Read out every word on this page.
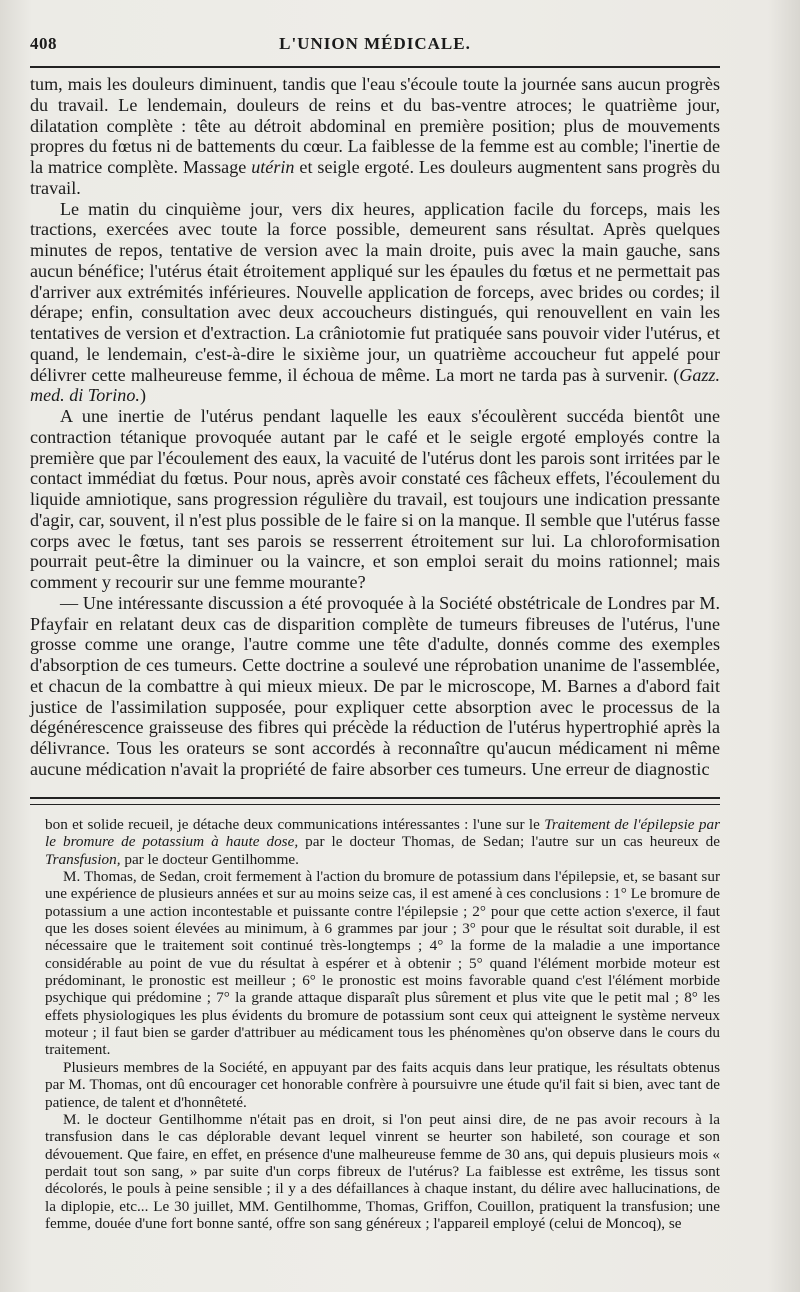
408	L'UNION MÉDICALE.

tum, mais les douleurs diminuent, tandis que l'eau s'écoule toute la journée sans aucun progrès du travail. Le lendemain, douleurs de reins et du bas-ventre atroces; le quatrième jour, dilatation complète : tête au détroit abdominal en première position; plus de mouvements propres du fœtus ni de battements du cœur. La faiblesse de la femme est au comble; l'inertie de la matrice complète. Massage utérin et seigle ergoté. Les douleurs augmentent sans progrès du travail.

Le matin du cinquième jour, vers dix heures, application facile du forceps, mais les tractions, exercées avec toute la force possible, demeurent sans résultat. Après quelques minutes de repos, tentative de version avec la main droite, puis avec la main gauche, sans aucun bénéfice; l'utérus était étroitement appliqué sur les épaules du fœtus et ne permettait pas d'arriver aux extrémités inférieures. Nouvelle application de forceps, avec brides ou cordes; il dérape; enfin, consultation avec deux accoucheurs distingués, qui renouvellent en vain les tentatives de version et d'extraction. La crâniotomie fut pratiquée sans pouvoir vider l'utérus, et quand, le lendemain, c'est-à-dire le sixième jour, un quatrième accoucheur fut appelé pour délivrer cette malheureuse femme, il échoua de même. La mort ne tarda pas à survenir. (Gazz. med. di Torino.)

A une inertie de l'utérus pendant laquelle les eaux s'écoulèrent succéda bientôt une contraction tétanique provoquée autant par le café et le seigle ergoté employés contre la première que par l'écoulement des eaux, la vacuité de l'utérus dont les parois sont irritées par le contact immédiat du fœtus. Pour nous, après avoir constaté ces fâcheux effets, l'écoulement du liquide amniotique, sans progression régulière du travail, est toujours une indication pressante d'agir, car, souvent, il n'est plus possible de le faire si on la manque. Il semble que l'utérus fasse corps avec le fœtus, tant ses parois se resserrent étroitement sur lui. La chloroformisation pourrait peut-être la diminuer ou la vaincre, et son emploi serait du moins rationnel; mais comment y recourir sur une femme mourante?

— Une intéressante discussion a été provoquée à la Société obstétricale de Londres par M. Pfayfair en relatant deux cas de disparition complète de tumeurs fibreuses de l'utérus, l'une grosse comme une orange, l'autre comme une tête d'adulte, donnés comme des exemples d'absorption de ces tumeurs. Cette doctrine a soulevé une réprobation unanime de l'assemblée, et chacun de la combattre à qui mieux mieux. De par le microscope, M. Barnes a d'abord fait justice de l'assimilation supposée, pour expliquer cette absorption avec le processus de la dégénérescence graisseuse des fibres qui précède la réduction de l'utérus hypertrophié après la délivrance. Tous les orateurs se sont accordés à reconnaître qu'aucun médicament ni même aucune médication n'avait la propriété de faire absorber ces tumeurs. Une erreur de diagnostic

bon et solide recueil, je détache deux communications intéressantes : l'une sur le Traitement de l'épilepsie par le bromure de potassium à haute dose, par le docteur Thomas, de Sedan; l'autre sur un cas heureux de Transfusion, par le docteur Gentilhomme.

M. Thomas, de Sedan, croit fermement à l'action du bromure de potassium dans l'épilepsie, et, se basant sur une expérience de plusieurs années et sur au moins seize cas, il est amené à ces conclusions : 1° Le bromure de potassium a une action incontestable et puissante contre l'épilepsie ; 2° pour que cette action s'exerce, il faut que les doses soient élevées au minimum, à 6 grammes par jour ; 3° pour que le résultat soit durable, il est nécessaire que le traitement soit continué très-longtemps ; 4° la forme de la maladie a une importance considérable au point de vue du résultat à espérer et à obtenir ; 5° quand l'élément morbide moteur est prédominant, le pronostic est meilleur ; 6° le pronostic est moins favorable quand c'est l'élément morbide psychique qui prédomine ; 7° la grande attaque disparaît plus sûrement et plus vite que le petit mal ; 8° les effets physiologiques les plus évidents du bromure de potassium sont ceux qui atteignent le système nerveux moteur ; il faut bien se garder d'attribuer au médicament tous les phénomènes qu'on observe dans le cours du traitement.

Plusieurs membres de la Société, en appuyant par des faits acquis dans leur pratique, les résultats obtenus par M. Thomas, ont dû encourager cet honorable confrère à poursuivre une étude qu'il fait si bien, avec tant de patience, de talent et d'honnêteté.

M. le docteur Gentilhomme n'était pas en droit, si l'on peut ainsi dire, de ne pas avoir recours à la transfusion dans le cas déplorable devant lequel vinrent se heurter son habileté, son courage et son dévouement. Que faire, en effet, en présence d'une malheureuse femme de 30 ans, qui depuis plusieurs mois « perdait tout son sang, » par suite d'un corps fibreux de l'utérus? La faiblesse est extrême, les tissus sont décolorés, le pouls à peine sensible ; il y a des défaillances à chaque instant, du délire avec hallucinations, de la diplopie, etc... Le 30 juillet, MM. Gentilhomme, Thomas, Griffon, Couillon, pratiquent la transfusion; une femme, douée d'une fort bonne santé, offre son sang généreux ; l'appareil employé (celui de Moncoq), se
